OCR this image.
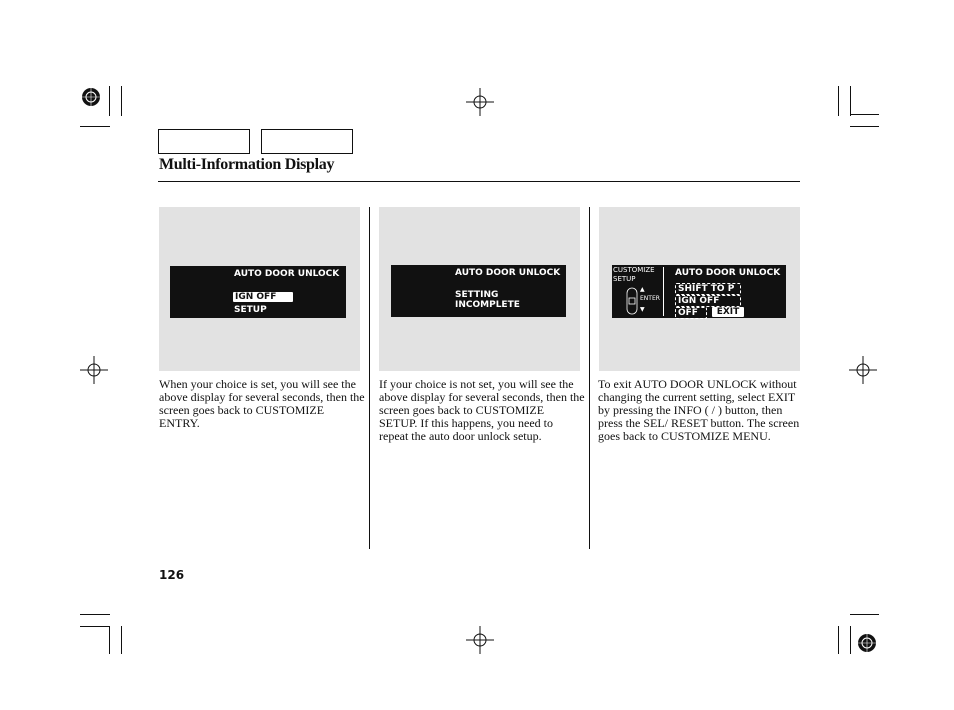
Multi-Information Display
AUTO DOOR UNLOCK
IGN OFF
SETUP
AUTO DOOR UNLOCK
SETTING
INCOMPLETE
CUSTOMIZE
SETUP
▲
ENTER
▼
AUTO DOOR UNLOCK
SHIFT TO P
IGN OFF
OFF	EXIT

When your choice is set, you will see the above display for several seconds, then the screen goes back to CUSTOMIZE ENTRY.

If your choice is not set, you will see the above display for several seconds, then the screen goes back to CUSTOMIZE SETUP. If this happens, you need to repeat the auto door unlock setup.

To exit AUTO DOOR UNLOCK without changing the current setting, select EXIT by pressing the INFO ( / ) button, then press the SEL/ RESET button. The screen goes back to CUSTOMIZE MENU.

126
